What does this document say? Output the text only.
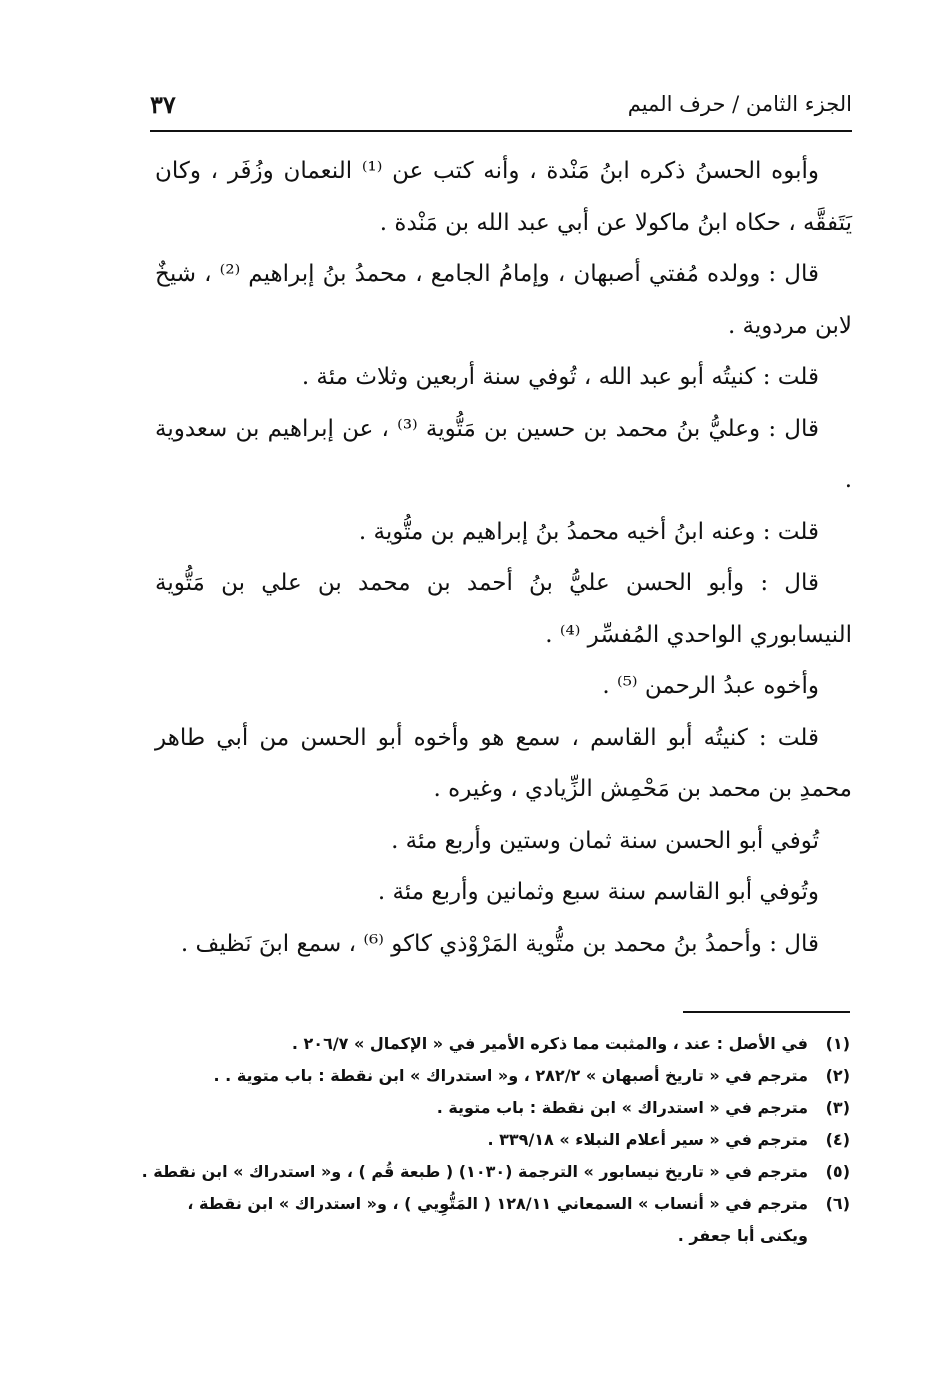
الجزء الثامن / حرف الميم
٣٧

وأبوه الحسنُ ذكره ابنُ مَنْدة ، وأنه كتب عن ⁽¹⁾ النعمان وزُفَر ، وكان يَتَفقَّه ، حكاه ابنُ ماكولا عن أبي عبد الله بن مَنْدة .

قال : وولده مُفتي أصبهان ، وإمامُ الجامع ، محمدُ بنُ إبراهيم ⁽²⁾ ، شيخٌ لابن مردوية .

قلت : كنيتُه أبو عبد الله ، تُوفي سنة أربعين وثلاث مئة .

قال : وعليُّ بنُ محمد بن حسين بن مَتُّوية ⁽³⁾ ، عن إبراهيم بن سعدوية .

قلت : وعنه ابنُ أخيه محمدُ بنُ إبراهيم بن متُّوية .

قال : وأبو الحسن عليُّ بنُ أحمد بن محمد بن علي بن مَتُّوية النيسابوري الواحدي المُفسِّر ⁽⁴⁾ .

وأخوه عبدُ الرحمن ⁽⁵⁾ .

قلت : كنيتُه أبو القاسم ، سمع هو وأخوه أبو الحسن من أبي طاهر محمدِ بن محمد بن مَحْمِش الزِّيادي ، وغيره .

تُوفي أبو الحسن سنة ثمان وستين وأربع مئة .

وتُوفي أبو القاسم سنة سبع وثمانين وأربع مئة .

قال : وأحمدُ بنُ محمد بن متُّوية المَرْوْذي كاكو ⁽⁶⁾ ، سمع ابنَ نَظيف .

(١)
في الأصل : عند ، والمثبت مما ذكره الأمير في « الإكمال » ٢٠٦/٧ .

(٢)
مترجم في « تاريخ أصبهان » ٢٨٢/٢ ، و« استدراك » ابن نقطة : باب متوية . .

(٣)
مترجم في « استدراك » ابن نقطة : باب متوية .

(٤)
مترجم في « سير أعلام النبلاء » ٣٣٩/١٨ .

(٥)
مترجم في « تاريخ نيسابور » الترجمة (١٠٣٠) ( طبعة قُم ) ، و« استدراك » ابن نقطة .

(٦)
مترجم في « أنساب » السمعاني ١٢٨/١١ ( المَتُّوِيي ) ، و« استدراك » ابن نقطة ، ويكنى أبا جعفر .
